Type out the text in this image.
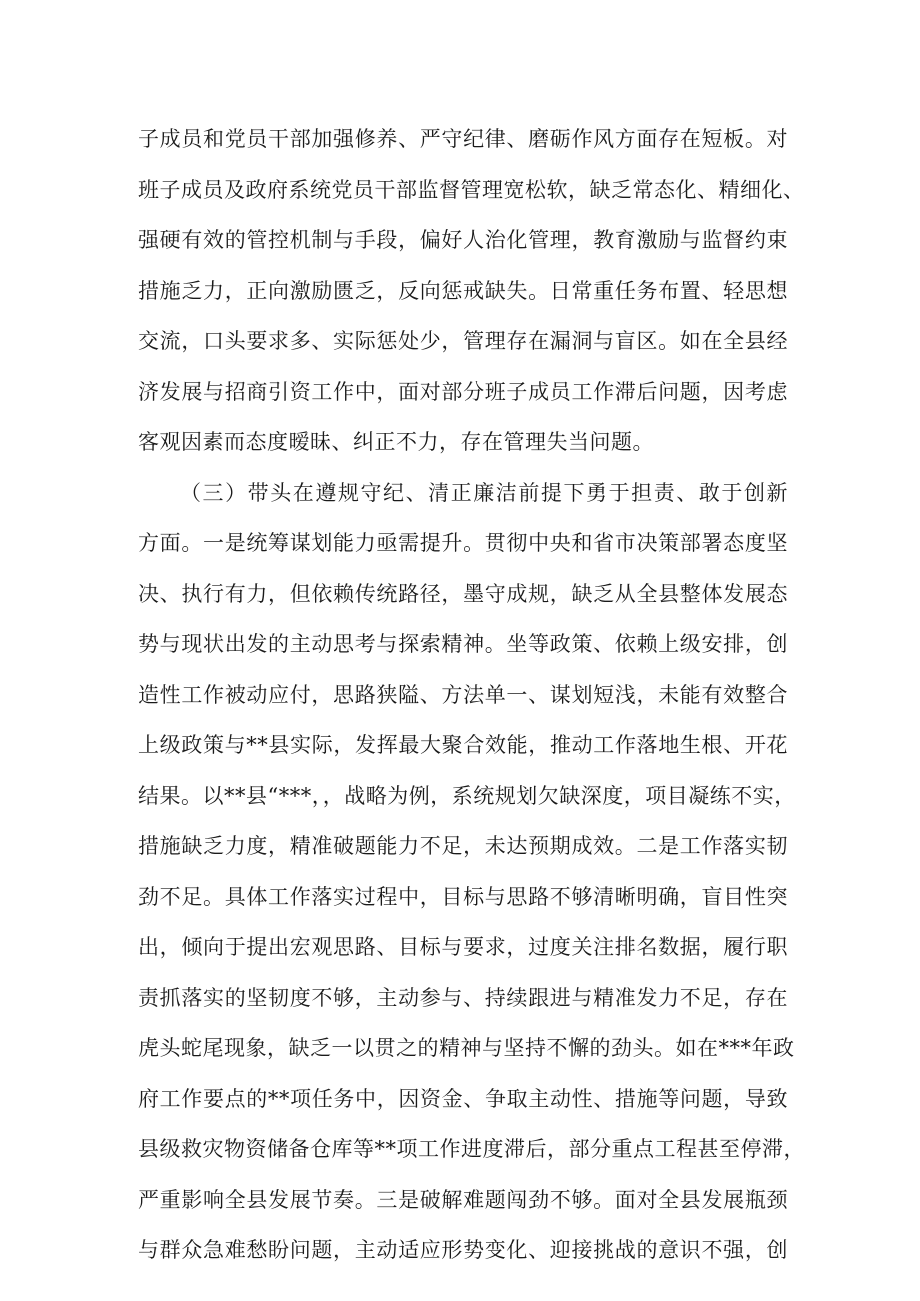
子成员和党员干部加强修养、严守纪律、磨砺作风方面存在短板。对
班子成员及政府系统党员干部监督管理宽松软，缺乏常态化、精细化、
强硬有效的管控机制与手段，偏好人治化管理，教育激励与监督约束
措施乏力，正向激励匮乏，反向惩戒缺失。日常重任务布置、轻思想
交流，口头要求多、实际惩处少，管理存在漏洞与盲区。如在全县经
济发展与招商引资工作中，面对部分班子成员工作滞后问题，因考虑
客观因素而态度暧昧、纠正不力，存在管理失当问题。
（三）带头在遵规守纪、清正廉洁前提下勇于担责、敢于创新
方面。一是统筹谋划能力亟需提升。贯彻中央和省市决策部署态度坚
决、执行有力，但依赖传统路径，墨守成规，缺乏从全县整体发展态
势与现状出发的主动思考与探索精神。坐等政策、依赖上级安排，创
造性工作被动应付，思路狭隘、方法单一、谋划短浅，未能有效整合
上级政策与**县实际，发挥最大聚合效能，推动工作落地生根、开花
结果。以**县“***，，战略为例，系统规划欠缺深度，项目凝练不实，
措施缺乏力度，精准破题能力不足，未达预期成效。二是工作落实韧
劲不足。具体工作落实过程中，目标与思路不够清晰明确，盲目性突
出，倾向于提出宏观思路、目标与要求，过度关注排名数据，履行职
责抓落实的坚韧度不够，主动参与、持续跟进与精准发力不足，存在
虎头蛇尾现象，缺乏一以贯之的精神与坚持不懈的劲头。如在***年政
府工作要点的**项任务中，因资金、争取主动性、措施等问题，导致
县级救灾物资储备仓库等**项工作进度滞后，部分重点工程甚至停滞，
严重影响全县发展节奏。三是破解难题闯劲不够。面对全县发展瓶颈
与群众急难愁盼问题，主动适应形势变化、迎接挑战的意识不强，创
